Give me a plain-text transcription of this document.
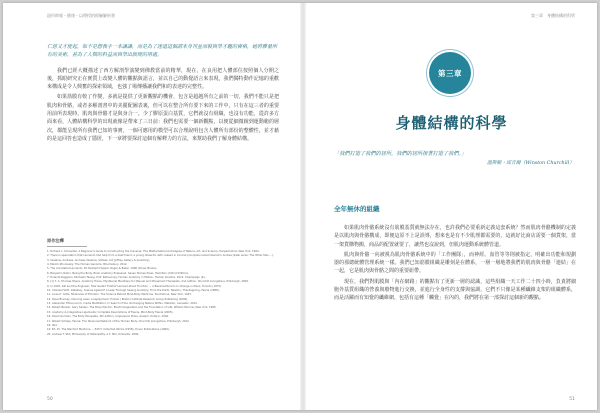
紐約時報・健康・以傳授的經驗解析書

仁慈又才能起，如不是想我手一本謙謙，而是為了迷退這個謂本身刊並而裝與學才趣的資格，她將雅量所有的美術，甚為了人類的料益而與學出版現的用處。

我們已經大概描述了西方解剖學演變到佛教當前的精華，現在，在良用把人體部位按照個人分開之後，抓眼研究正在實質上改變人體的觀點與語言，並以自己的動覺語言來表現，我們獨特動作記憶的重歡來構成是令人興奮的探索領域，也強了場傳播讓我們和的表達的完整性。

如果筋膜有較了作變，多就是提供了更新觀點的機會，包含是超越所有之前的一切，我們不能只是把肌肉和骨骼，或者多解剖書中的美麗配圖表裏，但可以在整合所有要下來的工作中，只有在這三者的重要用前所表現時，肌肉與骨骼才是與身合一。少了膠原蛋白基質，它們就沒有組織，也沒有功能，從許多方面來看，人體結構科學的出現就像是帶來了三日前：我們也需要一個新觀點，以便從細微鏡到運動範的層次，都能呈現所有我們已知的事實，一個可應用的模型可以合理說明包含人體所有部份的整體性，並才藉的是這回答也造成了隱匿，下一章將要探討這個有解釋力的方法，來幫助我們了解身體結構。

原作注釋
1. Richard L. Schneider. A Beginner's Guide to Constructing the Universe: The Mathematical Archetypes of Nature, Art, and Science. HarperCollins. New York, 1994.
2. There is speculation that Leonardo had help from a deaf friend: a young dissector with ceased in ironical principals named Giacomo Andrea (Salai Lenie: The Other Man ...).
3. Vesalius, Andreas. Andreas Vesalius, Sixteen Art (Joffrey Gallery & Anatomy).
4. Maxim Zhuravsky: The Human Genome. Bloomsbury. 2012.
5. The Annotated Leonardo. Ed Rudolph Hopper. Roger & Baker. 1996 (Dover Books).
6. Benjamin Rubin. Being the Body. Brain Anatomy Explained. Seven Stories Press. Hamilton (Oxford Edition).
7. Hulanik-Ruggiero, Michaela Tausig. Prof. Ratioscopy: Human Anatomy in Motion, Human Kinetics. 2012. Champaign (IL).
8. (1) T. A. Thomas Myers. Anatomy Trains, Myofascial Meridians for Manual and Movement Therapists, 2nd edition. Churchill Livingstone, Edinburgh, 2009.
9. In 1945, Gill and the Engineer: How Gerald Tinbhof Learned About Function ... a Bavaria-Munich on Change in Plans, Toronto (1975).
10. Charles Hartt. Dahsbey, Scenes Against? A Leap Through Seeing Anatomy: From the Earth, Newton, Thanksgiving, Fascia (1988).
11. Louis K. Grills. Molecules of Emotion: The Science Behind Mind-Body Medicine. Touchstone, New York, 1997.
12. Dave Bracsey, Dancing Laws, Liveplayment: Holism / Boston Institute Research Group Publishing (2006).
13. Alexander Filmer-Lorch. Inside Meditation: In Search of the Unchanging Nature Within. Matador, Leicester, 2012.
14. Robert Becker, Gary Selden. The Body Electric: Electromagnetism and the Foundation of Life. William Morrow, New York, 1985.
15. Anatomy & Integrative Ligaments: Complete Descriptions of Fascia, Mind-Body Fascia (2005).
16. David Gorman. The Body Moveable. 4th edition. Ampersand Press, Guelph, Ontario, 2002.
17. Robert Schleip, Fascia: The Tensional Network of the Human Body. Churchill Livingstone, Edinburgh, 2012.
18. Ibid.
19. Ed. Dr. The Stanford Medicine ... P.M.H. Collected Works (1958), Dover Publications (1969).
20. Andrew T. Still, Philosophy of Osteopathy. A.T. Still, Kirksville, 1899.
50
第三章　身體結構的科學
第三章
身體結構的科學

「我們打造了我們的居所，我們的居所接著打造了我們。」

溫斯頓・邱吉爾（Winston Churchill）
全年無休的組織

如果肌肉骨骼系統沒有筋膜基質就無法存在，也許我們必要重新定義這套系統？然而肌肉骨骼機制的定義是以肌肉與骨骼構成，即便這原不上是誤導，想來也是有不少肌理都需要的，這就好比商店需要一個貨架，當一架貨購物搬，商品的配置就要了，讓然也沒說到，但肌肉運動系統體管道。

肌肉與骨骼一向被視為肌肉骨骼系統中的「工作團隊」，而神經、血管等等則被指定，明確出功能和規劃器的那總統體管理系統一樣。我們已知筋膜組織是雕刻是在體系，一層一層地將我們的肌肉與骨骼「連結」在一起，它是肌肉與骨骼之間的重要紐帶。

現在，我們對肌膜與「內在網路」的觀點有了更新一層的認識，這些組織一天工作二十四小時，負責將細胞外基質組織的營養與廢物進行交換，並進行全身性的支撐與協調，它們不只像是某種纖維支架的組織體系，而是活躍而有知覺的纖維網，包括有這種「觸覺」在內的，我們將在第一部探討這個新的觀點。

51
